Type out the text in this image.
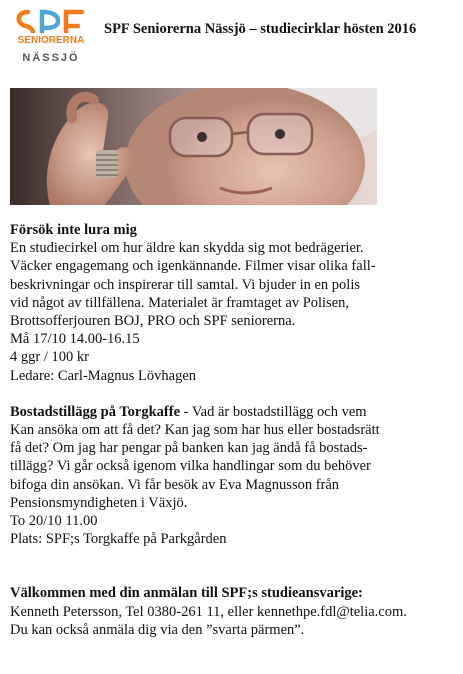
SENIORERNA
NÄSSJÖ
SPF Seniorerna Nässjö – studiecirklar hösten 2016

Försök inte lura mig

En studiecirkel om hur äldre kan skydda sig mot bedrägerier.

Väcker engagemang och igenkännande. Filmer visar olika fall-

beskrivningar och inspirerar till samtal. Vi bjuder in en polis

vid något av tillfällena. Materialet är framtaget av Polisen,

Brottsofferjouren BOJ, PRO och SPF seniorerna.

Må 17/10 14.00-16.15

4 ggr / 100 kr

Ledare: Carl-Magnus Lövhagen

Bostadstillägg på Torgkaffe - Vad är bostadstillägg och vem

Kan ansöka om att få det? Kan jag som har hus eller bostadsrätt

få det? Om jag har pengar på banken kan jag ändå få bostads-

tillägg? Vi går också igenom vilka handlingar som du behöver

bifoga din ansökan. Vi får besök av Eva Magnusson från

Pensionsmyndigheten i Växjö.

To 20/10 11.00

Plats: SPF;s Torgkaffe på Parkgården

Välkommen med din anmälan till SPF;s studieansvarige:

Kenneth Petersson, Tel 0380-261 11, eller kennethpe.fdl@telia.com.

Du kan också anmäla dig via den ”svarta pärmen”.
